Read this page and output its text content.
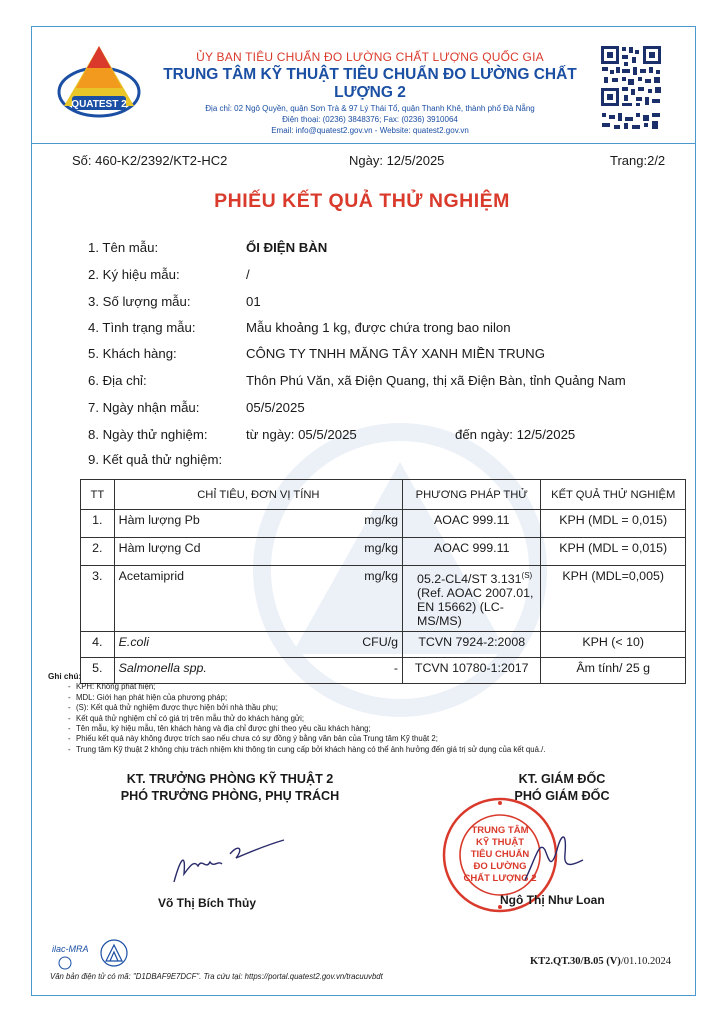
QUATEST 2
ỦY BAN TIÊU CHUẨN ĐO LƯỜNG CHẤT LƯỢNG QUỐC GIA
TRUNG TÂM KỸ THUẬT TIÊU CHUẨN ĐO LƯỜNG CHẤT LƯỢNG 2
Địa chỉ: 02 Ngô Quyền, quận Sơn Trà & 97 Lý Thái Tổ, quận Thanh Khê, thành phố Đà Nẵng
Điện thoại: (0236) 3848376; Fax: (0236) 3910064
Email: info@quatest2.gov.vn - Website: quatest2.gov.vn
Số: 460-K2/2392/KT2-HC2	Ngày: 12/5/2025	Trang:2/2
PHIẾU KẾT QUẢ THỬ NGHIỆM
1. Tên mẫu:	ỔI ĐIỆN BÀN
2. Ký hiệu mẫu:	/
3. Số lượng mẫu:	01
4. Tình trạng mẫu:	Mẫu khoảng 1 kg, được chứa trong bao nilon
5. Khách hàng:	CÔNG TY TNHH MĂNG TÂY XANH MIỀN TRUNG
6. Địa chỉ:	Thôn Phú Văn, xã Điện Quang, thị xã Điện Bàn, tỉnh Quảng Nam
7. Ngày nhận mẫu:	05/5/2025
8. Ngày thử nghiệm:	từ ngày: 05/5/2025	đến ngày: 12/5/2025
9. Kết quả thử nghiệm:
TT	CHỈ TIÊU, ĐƠN VỊ TÍNH		PHƯƠNG PHÁP THỬ	KẾT QUẢ THỬ NGHIỆM
1.	Hàm lượng Pb	mg/kg	AOAC 999.11	KPH (MDL = 0,015)
2.	Hàm lượng Cd	mg/kg	AOAC 999.11	KPH (MDL = 0,015)
3.	Acetamiprid	mg/kg	05.2-CL4/ST $3.131^{(S)}$
(Ref. AOAC 2007.01,
EN 15662) (LC-MS/MS)	KPH (MDL=0,005)
4.	E.coli	CFU/g	TCVN 7924-2:2008	KPH (< 10)
5.	Salmonella spp.	-	TCVN 10780-1:2017	Âm tính/ 25 g
Ghi chú:
- KPH: Không phát hiện;
- MDL: Giới hạn phát hiện của phương pháp;
- (S): Kết quả thử nghiệm được thực hiện bởi nhà thầu phụ;
- Kết quả thử nghiệm chỉ có giá trị trên mẫu thử do khách hàng gửi;
- Tên mẫu, ký hiệu mẫu, tên khách hàng và địa chỉ được ghi theo yêu cầu khách hàng;
- Phiếu kết quả này không được trích sao nếu chưa có sự đồng ý bằng văn bản của Trung tâm Kỹ thuật 2;
- Trung tâm Kỹ thuật 2 không chịu trách nhiệm khi thông tin cung cấp bởi khách hàng có thể ảnh hưởng đến giá trị sử dụng của kết quả./.
KT. TRƯỞNG PHÒNG KỸ THUẬT 2
PHÓ TRƯỞNG PHÒNG, PHỤ TRÁCH
KT. GIÁM ĐỐC
PHÓ GIÁM ĐỐC
TRUNG TÂM
KỸ THUẬT
TIÊU CHUẨN
ĐO LƯỜNG
CHẤT LƯỢNG 2
Võ Thị Bích Thủy	Ngô Thị Như Loan
ilac-MRA
Văn bản điện tử có mã: "D1DBAF9E7DCF". Tra cứu tại: https://portal.quatest2.gov.vn/tracuuvbdt
KT2.QT.30/B.05 (V)/01.10.2024
